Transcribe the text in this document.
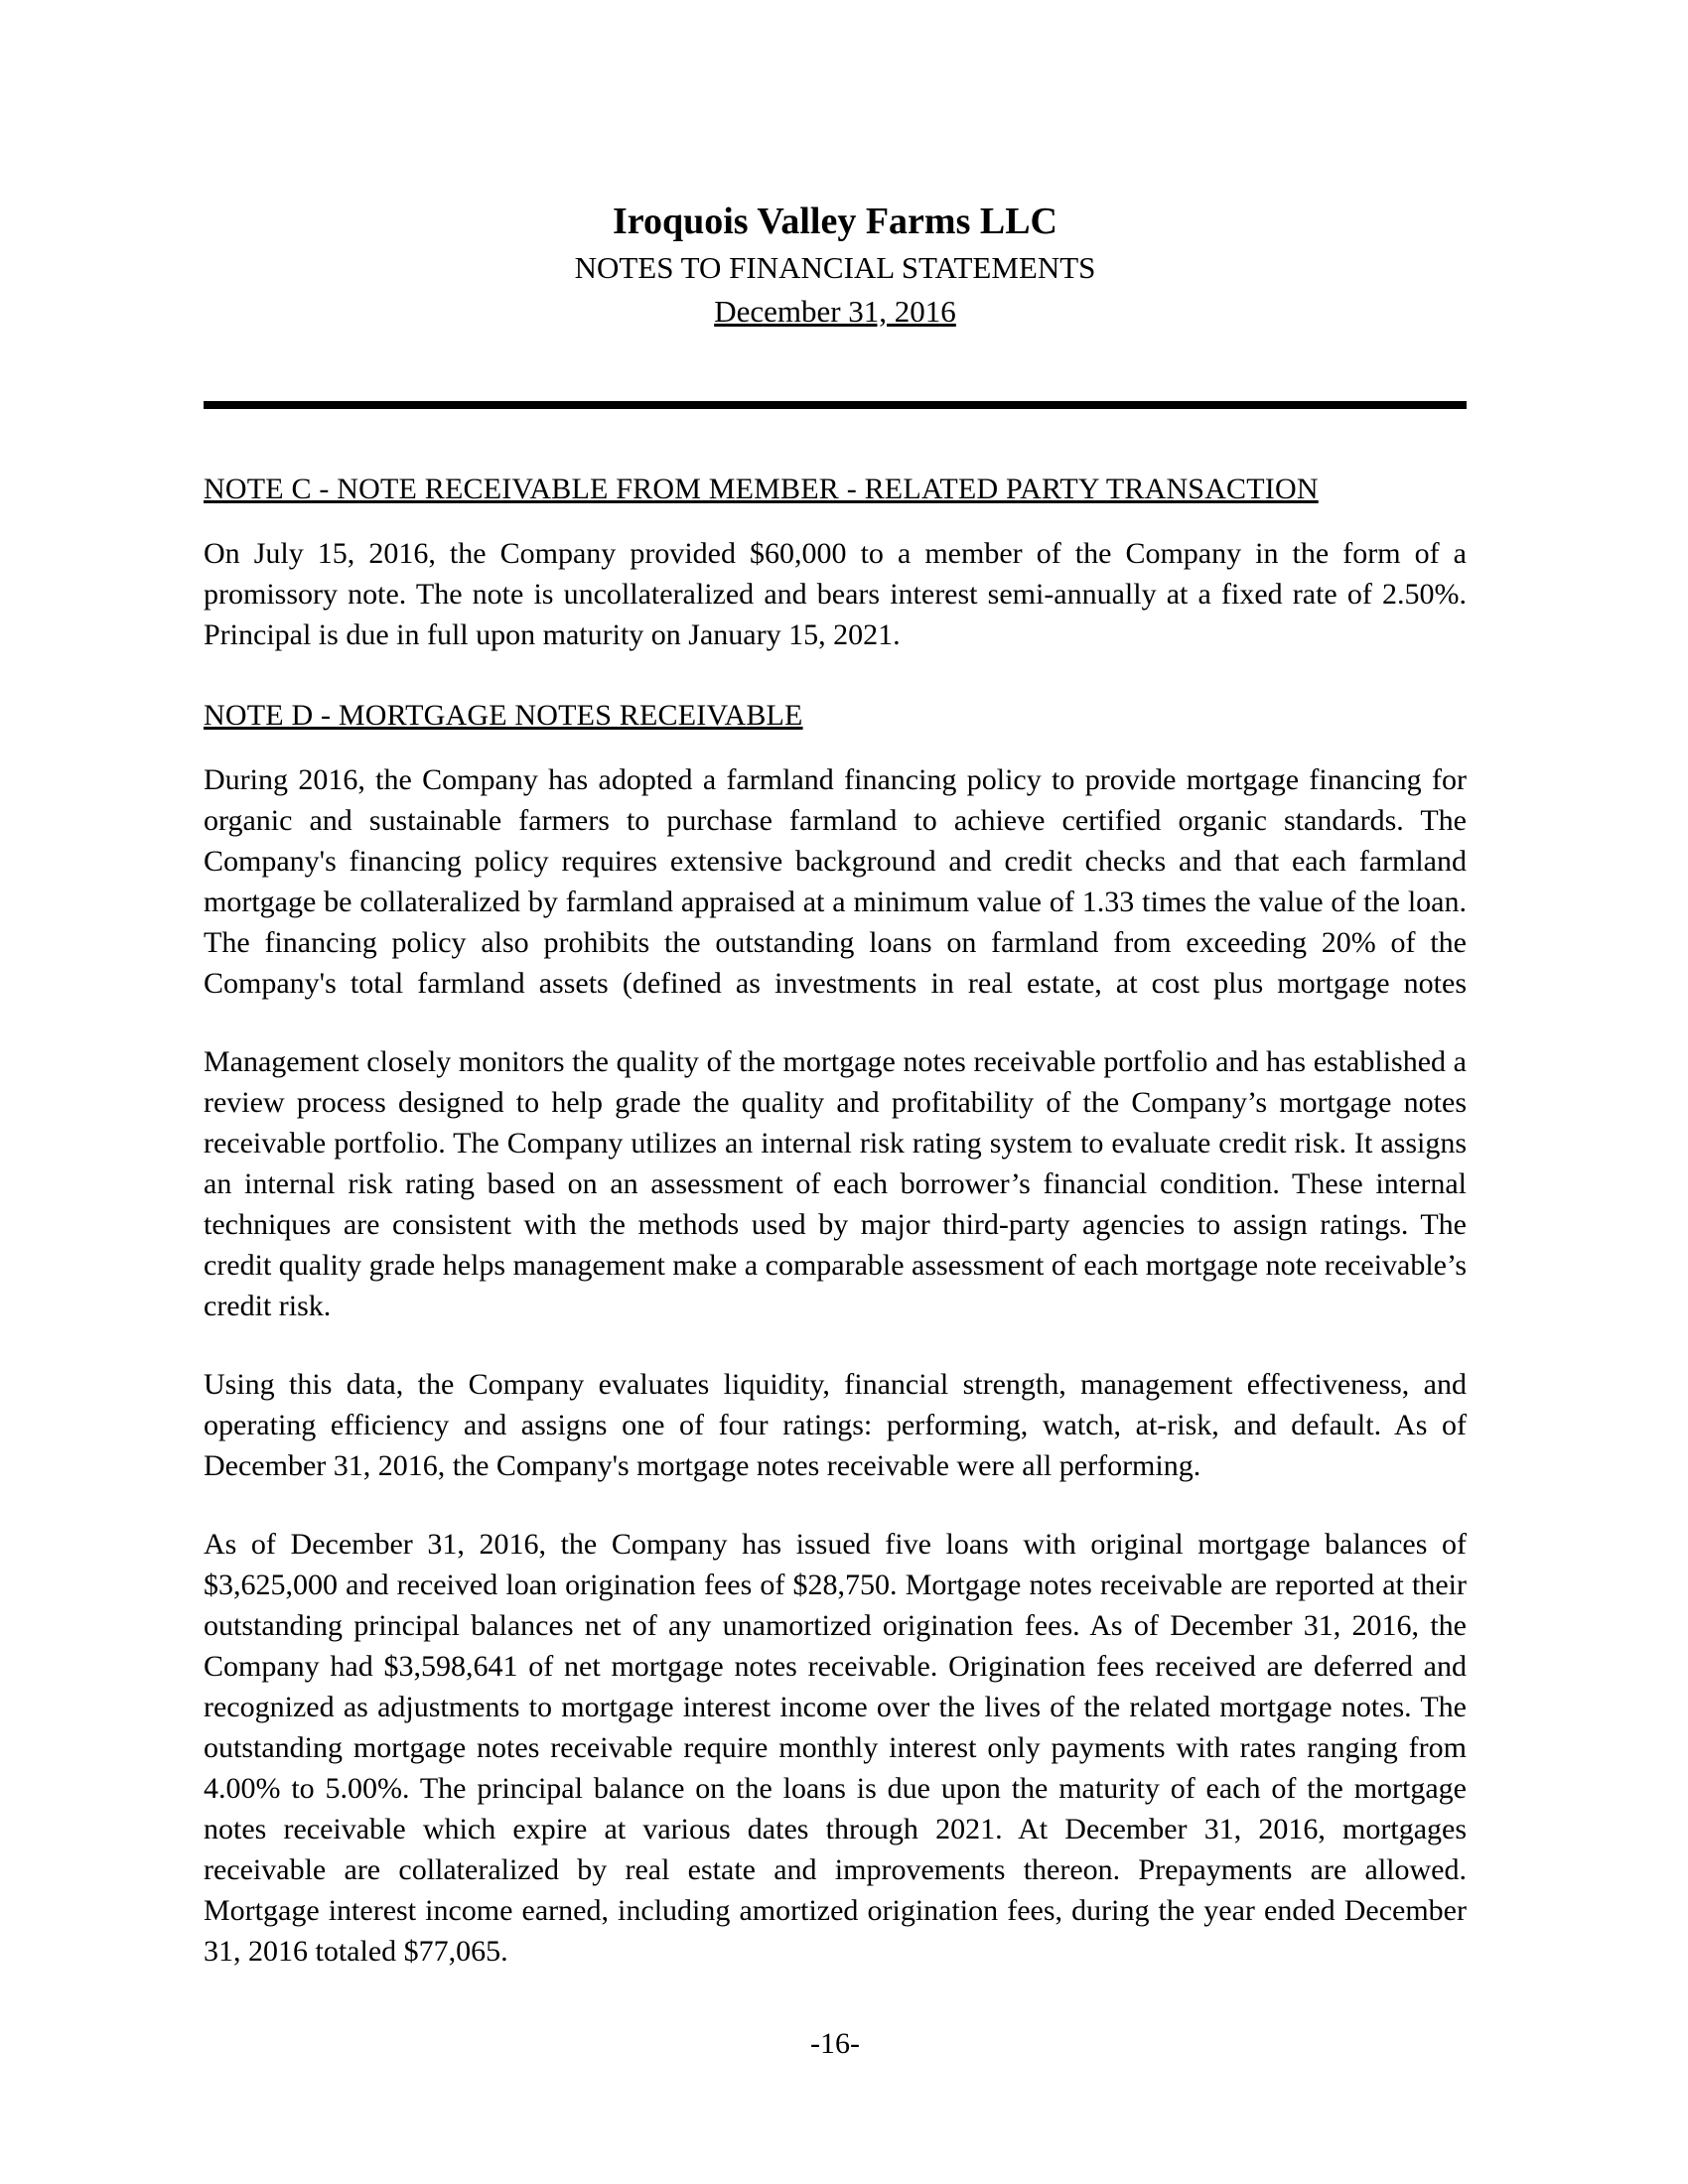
Iroquois Valley Farms LLC
NOTES TO FINANCIAL STATEMENTS
December 31, 2016
NOTE C - NOTE RECEIVABLE FROM MEMBER - RELATED PARTY TRANSACTION

On July 15, 2016, the Company provided $60,000 to a member of the Company in the form of a promissory note. The note is uncollateralized and bears interest semi-annually at a fixed rate of 2.50%. Principal is due in full upon maturity on January 15, 2021.

NOTE D - MORTGAGE NOTES RECEIVABLE

During 2016, the Company has adopted a farmland financing policy to provide mortgage financing for organic and sustainable farmers to purchase farmland to achieve certified organic standards. The Company's financing policy requires extensive background and credit checks and that each farmland mortgage be collateralized by farmland appraised at a minimum value of 1.33 times the value of the loan. The financing policy also prohibits the outstanding loans on farmland from exceeding 20% of the Company's total farmland assets (defined as investments in real estate, at cost plus mortgage notes

Management closely monitors the quality of the mortgage notes receivable portfolio and has established a review process designed to help grade the quality and profitability of the Company’s mortgage notes receivable portfolio. The Company utilizes an internal risk rating system to evaluate credit risk. It assigns an internal risk rating based on an assessment of each borrower’s financial condition. These internal techniques are consistent with the methods used by major third-party agencies to assign ratings. The credit quality grade helps management make a comparable assessment of each mortgage note receivable’s credit risk.

Using this data, the Company evaluates liquidity, financial strength, management effectiveness, and operating efficiency and assigns one of four ratings: performing, watch, at-risk, and default. As of December 31, 2016, the Company's mortgage notes receivable were all performing.

As of December 31, 2016, the Company has issued five loans with original mortgage balances of $3,625,000 and received loan origination fees of $28,750. Mortgage notes receivable are reported at their outstanding principal balances net of any unamortized origination fees. As of December 31, 2016, the Company had $3,598,641 of net mortgage notes receivable. Origination fees received are deferred and recognized as adjustments to mortgage interest income over the lives of the related mortgage notes. The outstanding mortgage notes receivable require monthly interest only payments with rates ranging from 4.00% to 5.00%. The principal balance on the loans is due upon the maturity of each of the mortgage notes receivable which expire at various dates through 2021. At December 31, 2016, mortgages receivable are collateralized by real estate and improvements thereon. Prepayments are allowed. Mortgage interest income earned, including amortized origination fees, during the year ended December 31, 2016 totaled $77,065.

-16-
